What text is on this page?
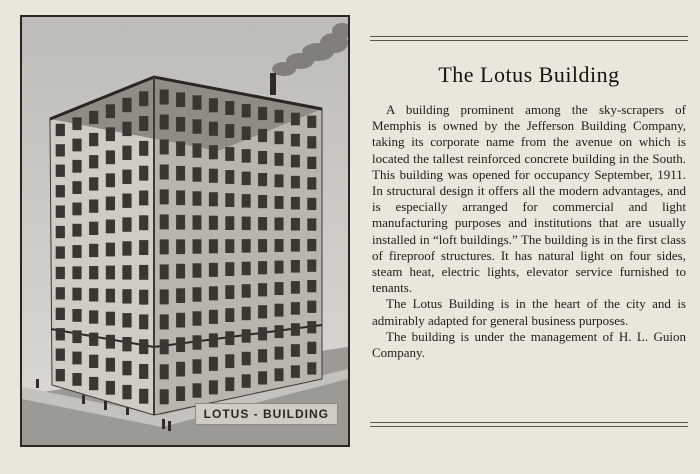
LOTUS - BUILDING
The Lotus Building

A building prominent among the sky-scrapers of Memphis is owned by the Jefferson Building Company, taking its corporate name from the avenue on which is located the tallest reinforced concrete building in the South. This building was opened for occupancy September, 1911. In structural design it offers all the modern advantages, and is especially arranged for commercial and light manufacturing purposes and institutions that are usually installed in “loft buildings.” The building is in the first class of fireproof structures. It has natural light on four sides, steam heat, electric lights, elevator service furnished to tenants.

The Lotus Building is in the heart of the city and is admirably adapted for general business purposes.

The building is under the management of H. L. Guion Company.
